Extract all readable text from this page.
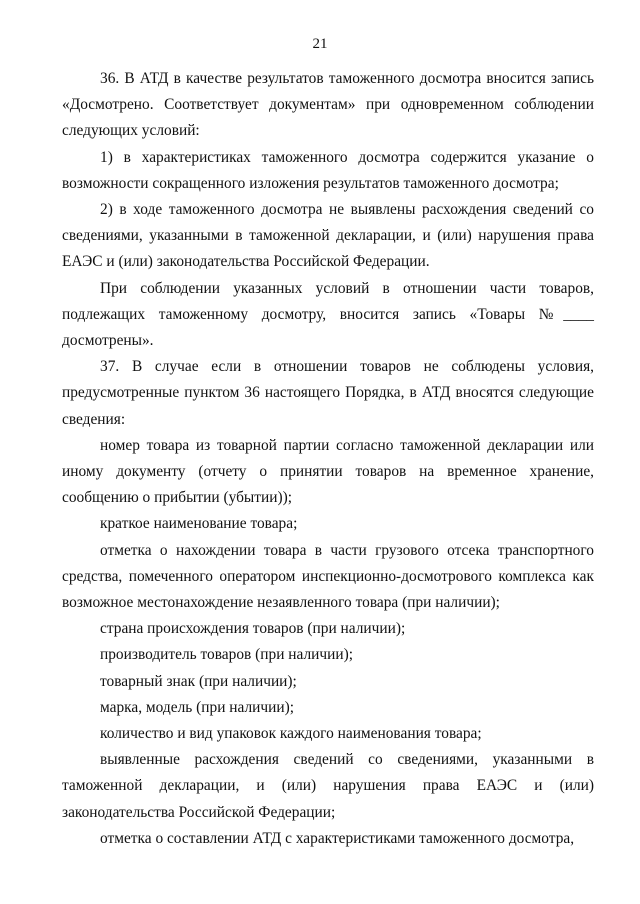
21

36. В АТД в качестве результатов таможенного досмотра вносится запись «Досмотрено. Соответствует документам» при одновременном соблюдении следующих условий:

1) в характеристиках таможенного досмотра содержится указание о возможности сокращенного изложения результатов таможенного досмотра;

2) в ходе таможенного досмотра не выявлены расхождения сведений со сведениями, указанными в таможенной декларации, и (или) нарушения права ЕАЭС и (или) законодательства Российской Федерации.

При соблюдении указанных условий в отношении части товаров, подлежащих таможенному досмотру, вносится запись «Товары №____ досмотрены».

37. В случае если в отношении товаров не соблюдены условия, предусмотренные пунктом 36 настоящего Порядка, в АТД вносятся следующие сведения:

номер товара из товарной партии согласно таможенной декларации или иному документу (отчету о принятии товаров на временное хранение, сообщению о прибытии (убытии));

краткое наименование товара;

отметка о нахождении товара в части грузового отсека транспортного средства, помеченного оператором инспекционно-досмотрового комплекса как возможное местонахождение незаявленного товара (при наличии);

страна происхождения товаров (при наличии);

производитель товаров (при наличии);

товарный знак (при наличии);

марка, модель (при наличии);

количество и вид упаковок каждого наименования товара;

выявленные расхождения сведений со сведениями, указанными в таможенной декларации, и (или) нарушения права ЕАЭС и (или) законодательства Российской Федерации;

отметка о составлении АТД с характеристиками таможенного досмотра,
